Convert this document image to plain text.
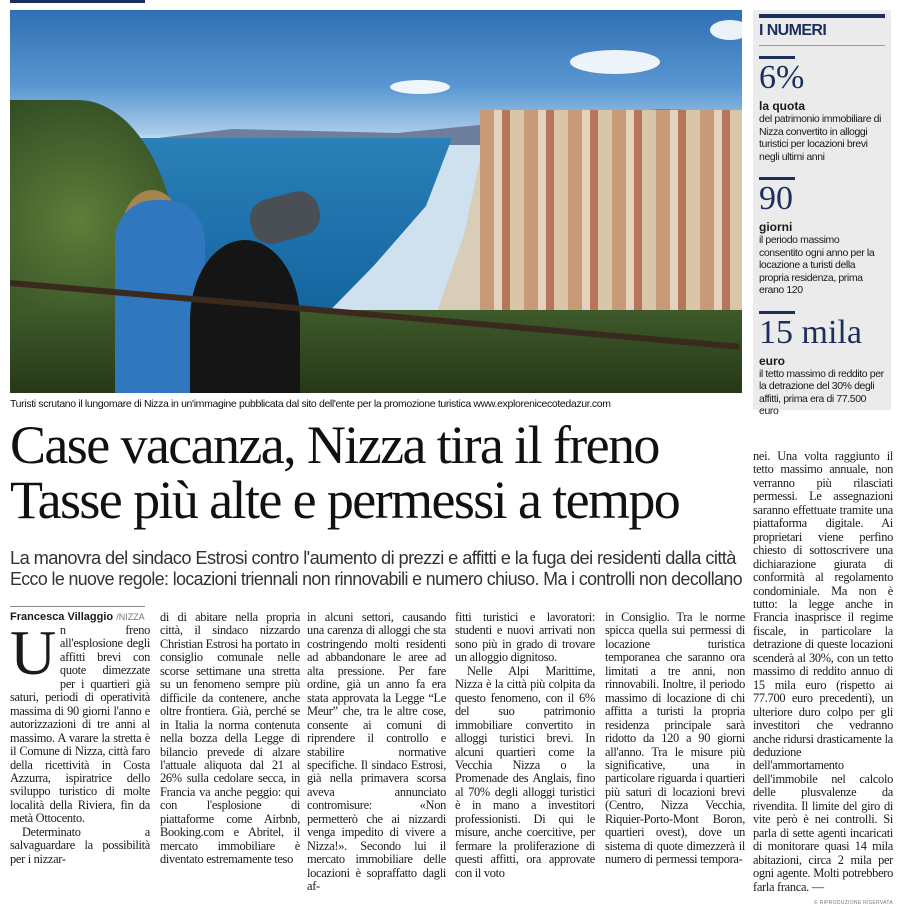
Turisti scrutano il lungomare di Nizza in un'immagine pubblicata dal sito dell'ente per la promozione turistica www.explorenicecotedazur.com
I NUMERI
6%
la quota
del patrimonio immobiliare di Nizza convertito in alloggi turistici per locazioni brevi negli ultimi anni
90
giorni
il periodo massimo consentito ogni anno per la locazione a turisti della propria residenza, prima erano 120
15 mila
euro
il tetto massimo di reddito per la detrazione del 30% degli affitti, prima era di 77.500 euro
Case vacanza, Nizza tira il freno
Tasse più alte e permessi a tempo
La manovra del sindaco Estrosi contro l'aumento di prezzi e affitti e la fuga dei residenti dalla città
Ecco le nuove regole: locazioni triennali non rinnovabili e numero chiuso. Ma i controlli non decollano
Francesca Villaggio /NIZZA

Un freno all'esplosione degli affitti brevi con quote dimezzate per i quartieri già saturi, periodi di operatività massima di 90 giorni l'anno e autorizzazioni di tre anni al massimo. A varare la stretta è il Comune di Nizza, città faro della ricettività in Costa Azzurra, ispiratrice dello sviluppo turistico di molte località della Riviera, fin da metà Ottocento.

Determinato a salvaguardare la possibilità per i nizzar-

di di abitare nella propria città, il sindaco nizzardo Christian Estrosi ha portato in consiglio comunale nelle scorse settimane una stretta su un fenomeno sempre più difficile da contenere, anche oltre frontiera. Già, perché se in Italia la norma contenuta nella bozza della Legge di bilancio prevede di alzare l'attuale aliquota dal 21 al 26% sulla cedolare secca, in Francia va anche peggio: qui con l'esplosione di piattaforme come Airbnb, Booking.com e Abritel, il mercato immobiliare è diventato estremamente teso
in alcuni settori, causando una carenza di alloggi che sta costringendo molti residenti ad abbandonare le aree ad alta pressione. Per fare ordine, già un anno fa era stata approvata la Legge “Le Meur” che, tra le altre cose, consente ai comuni di riprendere il controllo e stabilire normative specifiche. Il sindaco Estrosi, già nella primavera scorsa aveva annunciato contromisure: «Non permetterò che ai nizzardi venga impedito di vivere a Nizza!». Secondo lui il mercato immobiliare delle locazioni è sopraffatto dagli af-

fitti turistici e lavoratori: studenti e nuovi arrivati non sono più in grado di trovare un alloggio dignitoso.

Nelle Alpi Marittime, Nizza è la città più colpita da questo fenomeno, con il 6% del suo patrimonio immobiliare convertito in alloggi turistici brevi. In alcuni quartieri come la Vecchia Nizza o la Promenade des Anglais, fino al 70% degli alloggi turistici è in mano a investitori professionisti. Di qui le misure, anche coercitive, per fermare la proliferazione di questi affitti, ora approvate con il voto

in Consiglio. Tra le norme spicca quella sui permessi di locazione turistica temporanea che saranno ora limitati a tre anni, non rinnovabili. Inoltre, il periodo massimo di locazione di chi affitta a turisti la propria residenza principale sarà ridotto da 120 a 90 giorni all'anno. Tra le misure più significative, una in particolare riguarda i quartieri più saturi di locazioni brevi (Centro, Nizza Vecchia, Riquier-Porto-Mont Boron, quartieri ovest), dove un sistema di quote dimezzerà il numero di permessi tempora-

nei. Una volta raggiunto il tetto massimo annuale, non verranno più rilasciati permessi. Le assegnazioni saranno effettuate tramite una piattaforma digitale. Ai proprietari viene perfino chiesto di sottoscrivere una dichiarazione giurata di conformità al regolamento condominiale. Ma non è tutto: la legge anche in Francia inasprisce il regime fiscale, in particolare la detrazione di queste locazioni scenderà al 30%, con un tetto massimo di reddito annuo di 15 mila euro (rispetto ai 77.700 euro precedenti), un ulteriore duro colpo per gli investitori che vedranno anche ridursi drasticamente la deduzione dell'ammortamento dell'immobile nel calcolo delle plusvalenze da rivendita. Il limite del giro di vite però è nei controlli. Si parla di sette agenti incaricati di monitorare quasi 14 mila abitazioni, circa 2 mila per ogni agente. Molti potrebbero farla franca. —

© RIPRODUZIONE RISERVATA
